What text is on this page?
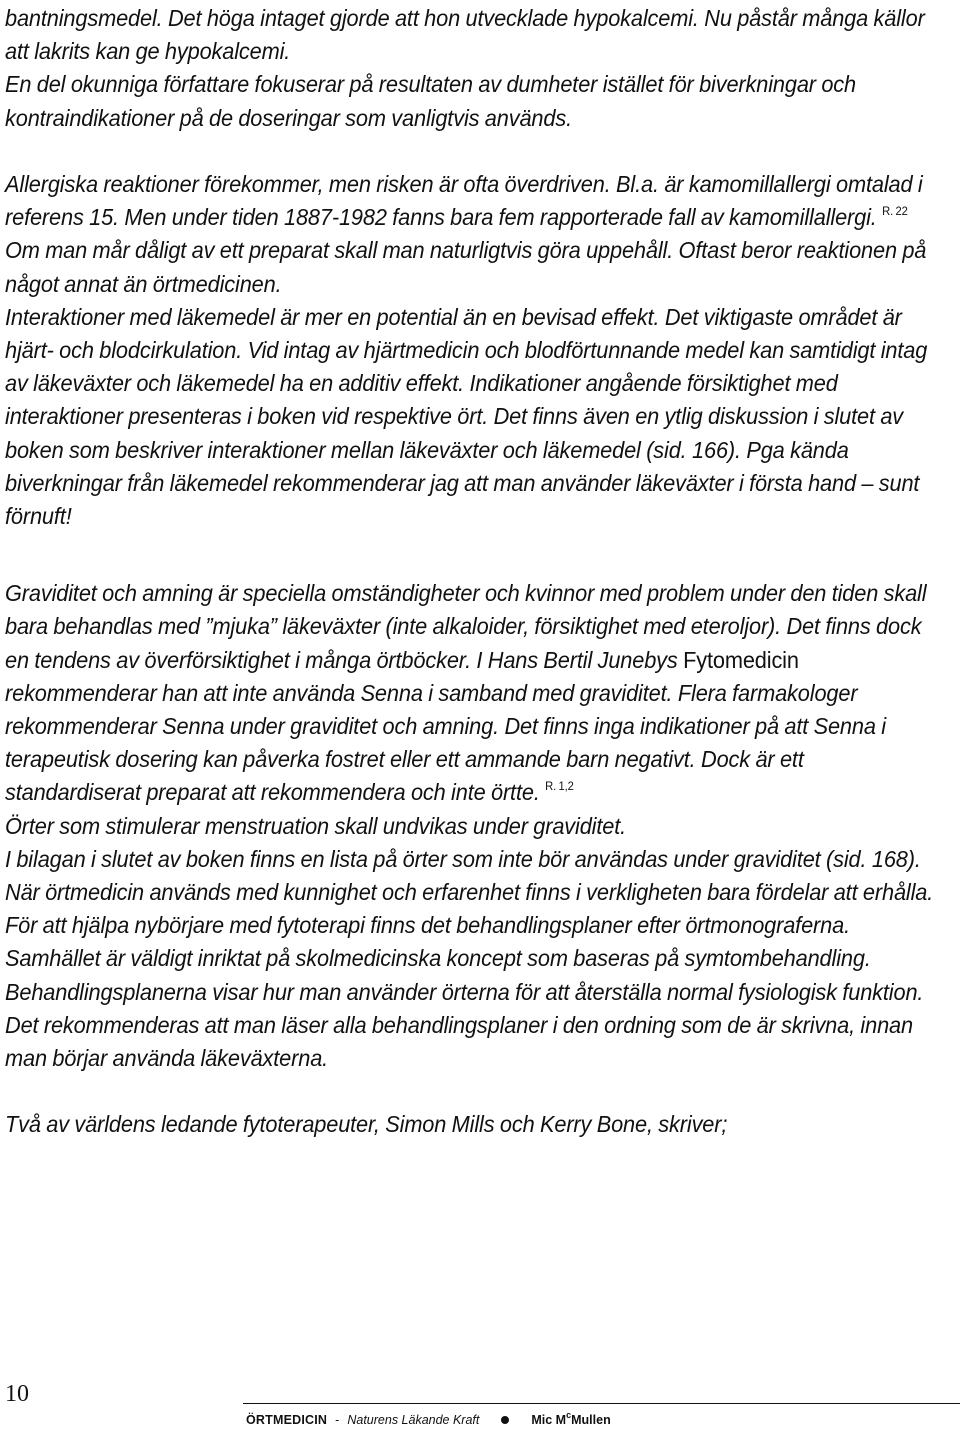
bantningsmedel. Det höga intaget gjorde att hon utvecklade hypokalcemi. Nu påstår många källor att lakrits kan ge hypokalcemi.

En del okunniga författare fokuserar på resultaten av dumheter istället för biverkningar och kontraindikationer på de doseringar som vanligtvis används.

Allergiska reaktioner förekommer, men risken är ofta överdriven. Bl.a. är kamomillallergi omtalad i referens 15. Men under tiden 1887-1982 fanns bara fem rapporterade fall av kamomillallergi. $^{R. 22}$

Om man mår dåligt av ett preparat skall man naturligtvis göra uppehåll. Oftast beror reaktionen på något annat än örtmedicinen.

Interaktioner med läkemedel är mer en potential än en bevisad effekt. Det viktigaste området är hjärt- och blodcirkulation. Vid intag av hjärtmedicin och blodförtunnande medel kan samtidigt intag av läkeväxter och läkemedel ha en additiv effekt. Indikationer angående försiktighet med interaktioner presenteras i boken vid respektive ört. Det finns även en ytlig diskussion i slutet av boken som beskriver interaktioner mellan läkeväxter och läkemedel (sid. 166). Pga kända biverkningar från läkemedel rekommenderar jag att man använder läkeväxter i första hand – sunt förnuft!

Graviditet och amning är speciella omständigheter och kvinnor med problem under den tiden skall bara behandlas med ”mjuka” läkeväxter (inte alkaloider, försiktighet med eteroljor). Det finns dock en tendens av överförsiktighet i många örtböcker. I Hans Bertil Junebys Fytomedicin rekommenderar han att inte använda Senna i samband med graviditet. Flera farmakologer rekommenderar Senna under graviditet och amning. Det finns inga indikationer på att Senna i terapeutisk dosering kan påverka fostret eller ett ammande barn negativt. Dock är ett standardiserat preparat att rekommendera och inte örtte. $^{R. 1,2}$

Örter som stimulerar menstruation skall undvikas under graviditet.

I bilagan i slutet av boken finns en lista på örter som inte bör användas under graviditet (sid. 168).

När örtmedicin används med kunnighet och erfarenhet finns i verkligheten bara fördelar att erhålla. För att hjälpa nybörjare med fytoterapi finns det behandlingsplaner efter örtmonograferna. Samhället är väldigt inriktat på skolmedicinska koncept som baseras på symtombehandling. Behandlingsplanerna visar hur man använder örterna för att återställa normal fysiologisk funktion. Det rekommenderas att man läser alla behandlingsplaner i den ordning som de är skrivna, innan man börjar använda läkeväxterna.

Två av världens ledande fytoterapeuter, Simon Mills och Kerry Bone, skriver;

10
ÖRTMEDICIN - Naturens Läkande Kraft	Mic $M^cMullen$
